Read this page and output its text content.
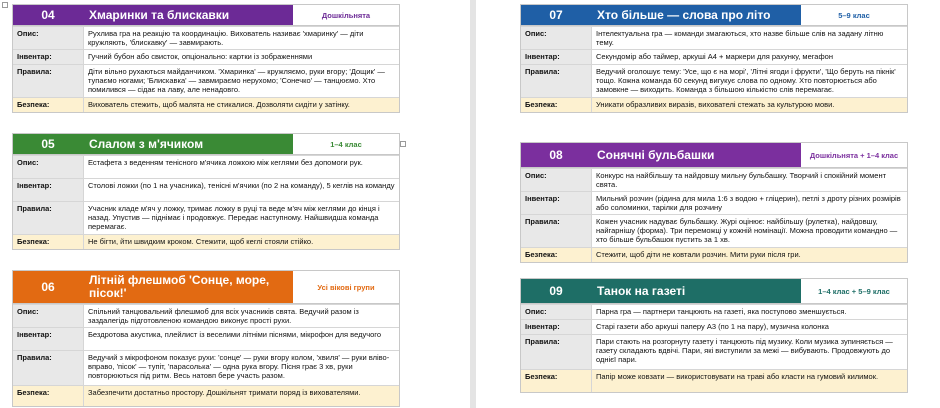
04	Хмаринки та блискавки	Дошкільнята
Опис:	Рухлива гра на реакцію та координацію. Вихователь називає 'хмаринку' — діти кружляють, 'блискавку' — завмирають.
Інвентар:	Гучний бубон або свисток, опціонально: картки із зображеннями
Правила:	Діти вільно рухаються майданчиком. 'Хмаринка' — кружляємо, руки вгору; 'Дощик' — тупаємо ногами; 'Блискавка' — завмираємо нерухомо; 'Сонечко' — танцюємо. Хто помилився — сідає на лаву, але ненадовго.
Безпека:	Вихователь стежить, щоб малята не стикалися. Дозволяти сидіти у затінку.
05	Слалом з м'ячиком	1–4 клас
Опис:	Естафета з веденням тенісного м'ячика ложкою між кеглями без допомоги рук.
Інвентар:	Столові ложки (по 1 на учасника), тенісні м'ячики (по 2 на команду), 5 кеглів на команду
Правила:	Учасник кладе м'яч у ложку, тримає ложку в руці та веде м'яч між кеглями до кінця і назад. Упустив — піднімає і продовжує. Передає наступному. Найшвидша команда перемагає.
Безпека:	Не бігти, йти швидким кроком. Стежити, щоб кеглі стояли стійко.
06	Літній флешмоб 'Сонце, море, пісок!'	Усі вікові групи
Опис:	Спільний танцювальний флешмоб для всіх учасників свята. Ведучий разом із заздалегідь підготовленою командою виконує прості рухи.
Інвентар:	Бездротова акустика, плейлист із веселими літніми піснями, мікрофон для ведучого
Правила:	Ведучий з мікрофоном показує рухи: 'сонце' — руки вгору колом, 'хвиля' — руки вліво-вправо, 'пісок' — тупіт, 'парасолька' — одна рука вгору. Пісня грає 3 хв, руки повторюються під ритм. Весь натовп бере участь разом.
Безпека:	Забезпечити достатньо простору. Дошкільнят тримати поряд із вихователями.
07	Хто більше — слова про літо	5–9 клас
Опис:	Інтелектуальна гра — команди змагаються, хто назве більше слів на задану літню тему.
Інвентар:	Секундомір або таймер, аркуші А4 + маркери для рахунку, мегафон
Правила:	Ведучий оголошує тему: 'Усе, що є на морі', 'Літні ягоди і фрукти', 'Що беруть на пікнік' тощо. Кожна команда 60 секунд вигукує слова по одному. Хто повторюється або замовкне — виходить. Команда з більшою кількістю слів перемагає.
Безпека:	Уникати образливих виразів, вихователі стежать за культурою мови.
08	Сонячні бульбашки	Дошкільнята + 1–4 клас
Опис:	Конкурс на найбільшу та найдовшу мильну бульбашку. Творчий і спокійний момент свята.
Інвентар:	Мильний розчин (рідина для мила 1:6 з водою + гліцерин), петлі з дроту різних розмірів або соломинки, тарілки для розчину
Правила:	Кожен учасник надуває бульбашку. Журі оцінює: найбільшу (рулетка), найдовшу, найгарнішу (форма). Три переможці у кожній номінації. Можна проводити командно — хто більше бульбашок пустить за 1 хв.
Безпека:	Стежити, щоб діти не ковтали розчин. Мити руки після гри.
09	Танок на газеті	1–4 клас + 5–9 клас
Опис:	Парна гра — партнери танцюють на газеті, яка поступово зменшується.
Інвентар:	Старі газети або аркуші паперу А3 (по 1 на пару), музична колонка
Правила:	Пари стають на розгорнуту газету і танцюють під музику. Коли музика зупиняється — газету складають вдвічі. Пари, які виступили за межі — вибувають. Продовжують до однієї пари.
Безпека:	Папір може ковзати — використовувати на траві або класти на гумовий килимок.
